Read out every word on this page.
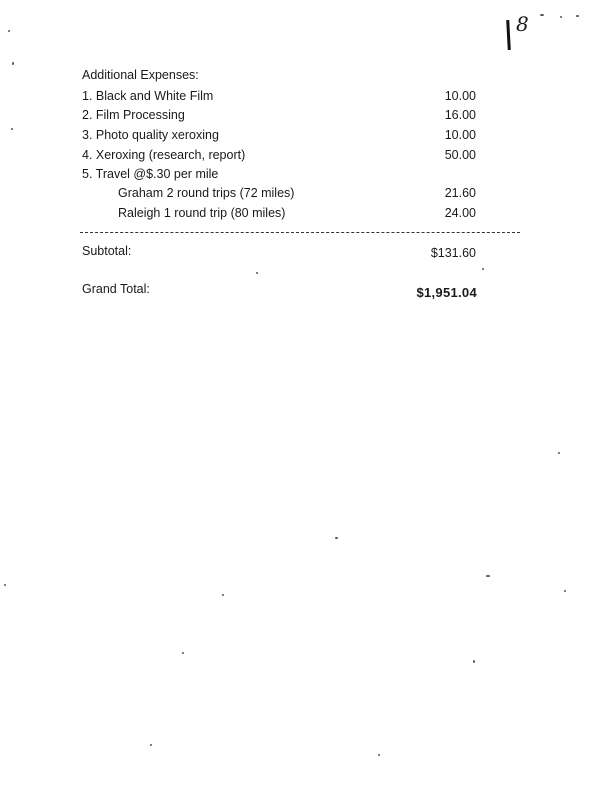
8
Additional Expenses:
1. Black and White Film	10.00
2. Film Processing	16.00
3. Photo quality xeroxing	10.00
4. Xeroxing (research, report)	50.00
5. Travel @$.30 per mile
Graham 2 round trips (72 miles)	21.60
Raleigh 1 round trip (80 miles)	24.00
Subtotal:	$131.60
Grand Total:	$1,951.04
